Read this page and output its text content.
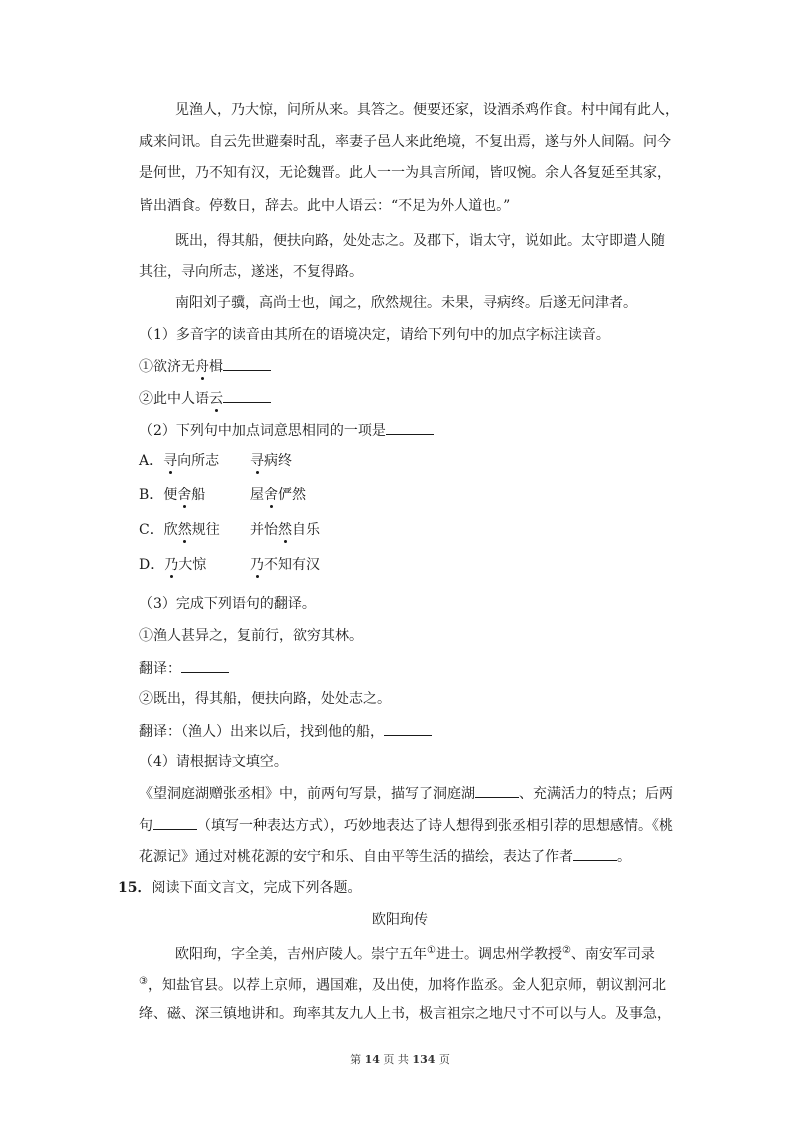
见渔人，乃大惊，问所从来。具答之。便要还家，设酒杀鸡作食。村中闻有此人，
咸来问讯。自云先世避秦时乱，率妻子邑人来此绝境，不复出焉，遂与外人间隔。问今
是何世，乃不知有汉，无论魏晋。此人一一为具言所闻，皆叹惋。余人各复延至其家，
皆出酒食。停数日，辞去。此中人语云：“不足为外人道也。”
既出，得其船，便扶向路，处处志之。及郡下，诣太守，说如此。太守即遣人随
其往，寻向所志，遂迷，不复得路。
南阳刘子骥，高尚士也，闻之，欣然规往。未果，寻病终。后遂无问津者。
（1）多音字的读音由其所在的语境决定，请给下列句中的加点字标注读音。
①欲济无舟楫
②此中人语云
（2）下列句中加点词意思相同的一项是
A．寻向所志 寻病终
B．便舍船	屋舍俨然
C．欣然规往 并怡然自乐
D．乃大惊	乃不知有汉
（3）完成下列语句的翻译。
①渔人甚异之，复前行，欲穷其林。
翻译：
②既出，得其船，便扶向路，处处志之。
翻译：（渔人）出来以后，找到他的船，
（4）请根据诗文填空。
《望洞庭湖赠张丞相》中，前两句写景，描写了洞庭湖	、充满活力的特点；后两
句	（填写一种表达方式），巧妙地表达了诗人想得到张丞相引荐的思想感情。《桃
花源记》通过对桃花源的安宁和乐、自由平等生活的描绘，表达了作者	。
15．阅读下面文言文，完成下列各题。
欧阳珣传
欧阳珣，字全美，吉州庐陵人。崇宁五年①进士。调忠州学教授②、南安军司录
③，知盐官县。以荐上京师，遇国难，及出使，加将作监丞。金人犯京师，朝议割河北
绛、磁、深三镇地讲和。珣率其友九人上书，极言祖宗之地尺寸不可以与人。及事急，
第 14 页 共 134 页
